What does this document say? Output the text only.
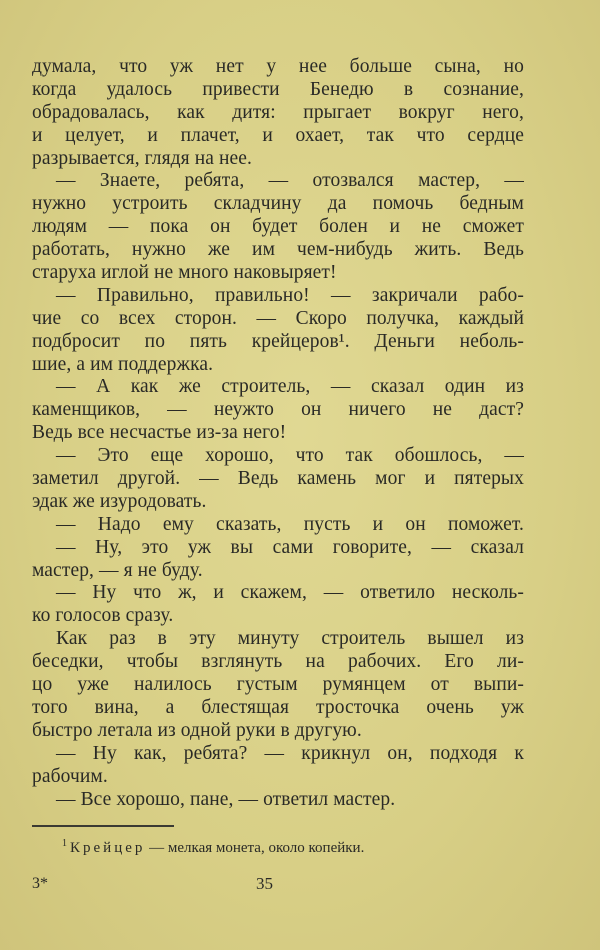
думала, что уж нет у нее больше сына, но
когда удалось привести Бенедю в сознание,
обрадовалась, как дитя: прыгает вокруг него,
и целует, и плачет, и охает, так что сердце
разрывается, глядя на нее.
— Знаете, ребята, — отозвался мастер, —
нужно устроить складчину да помочь бедным
людям — пока он будет болен и не сможет
работать, нужно же им чем-нибудь жить. Ведь
старуха иглой не много наковыряет!
— Правильно, правильно! — закричали рабо-
чие со всех сторон. — Скоро получка, каждый
подбросит по пять крейцеров¹. Деньги неболь-
шие, а им поддержка.
— А как же строитель, — сказал один из
каменщиков, — неужто он ничего не даст?
Ведь все несчастье из-за него!
— Это еще хорошо, что так обошлось, —
заметил другой. — Ведь камень мог и пятерых
эдак же изуродовать.
— Надо ему сказать, пусть и он поможет.
— Ну, это уж вы сами говорите, — сказал
мастер, — я не буду.
— Ну что ж, и скажем, — ответило несколь-
ко голосов сразу.
Как раз в эту минуту строитель вышел из
беседки, чтобы взглянуть на рабочих. Его ли-
цо уже налилось густым румянцем от выпи-
того вина, а блестящая тросточка очень уж
быстро летала из одной руки в другую.
— Ну как, ребята? — крикнул он, подходя к
рабочим.
— Все хорошо, пане, — ответил мастер.
$^1$ Крейцер — мелкая монета, около копейки.
3*	35
